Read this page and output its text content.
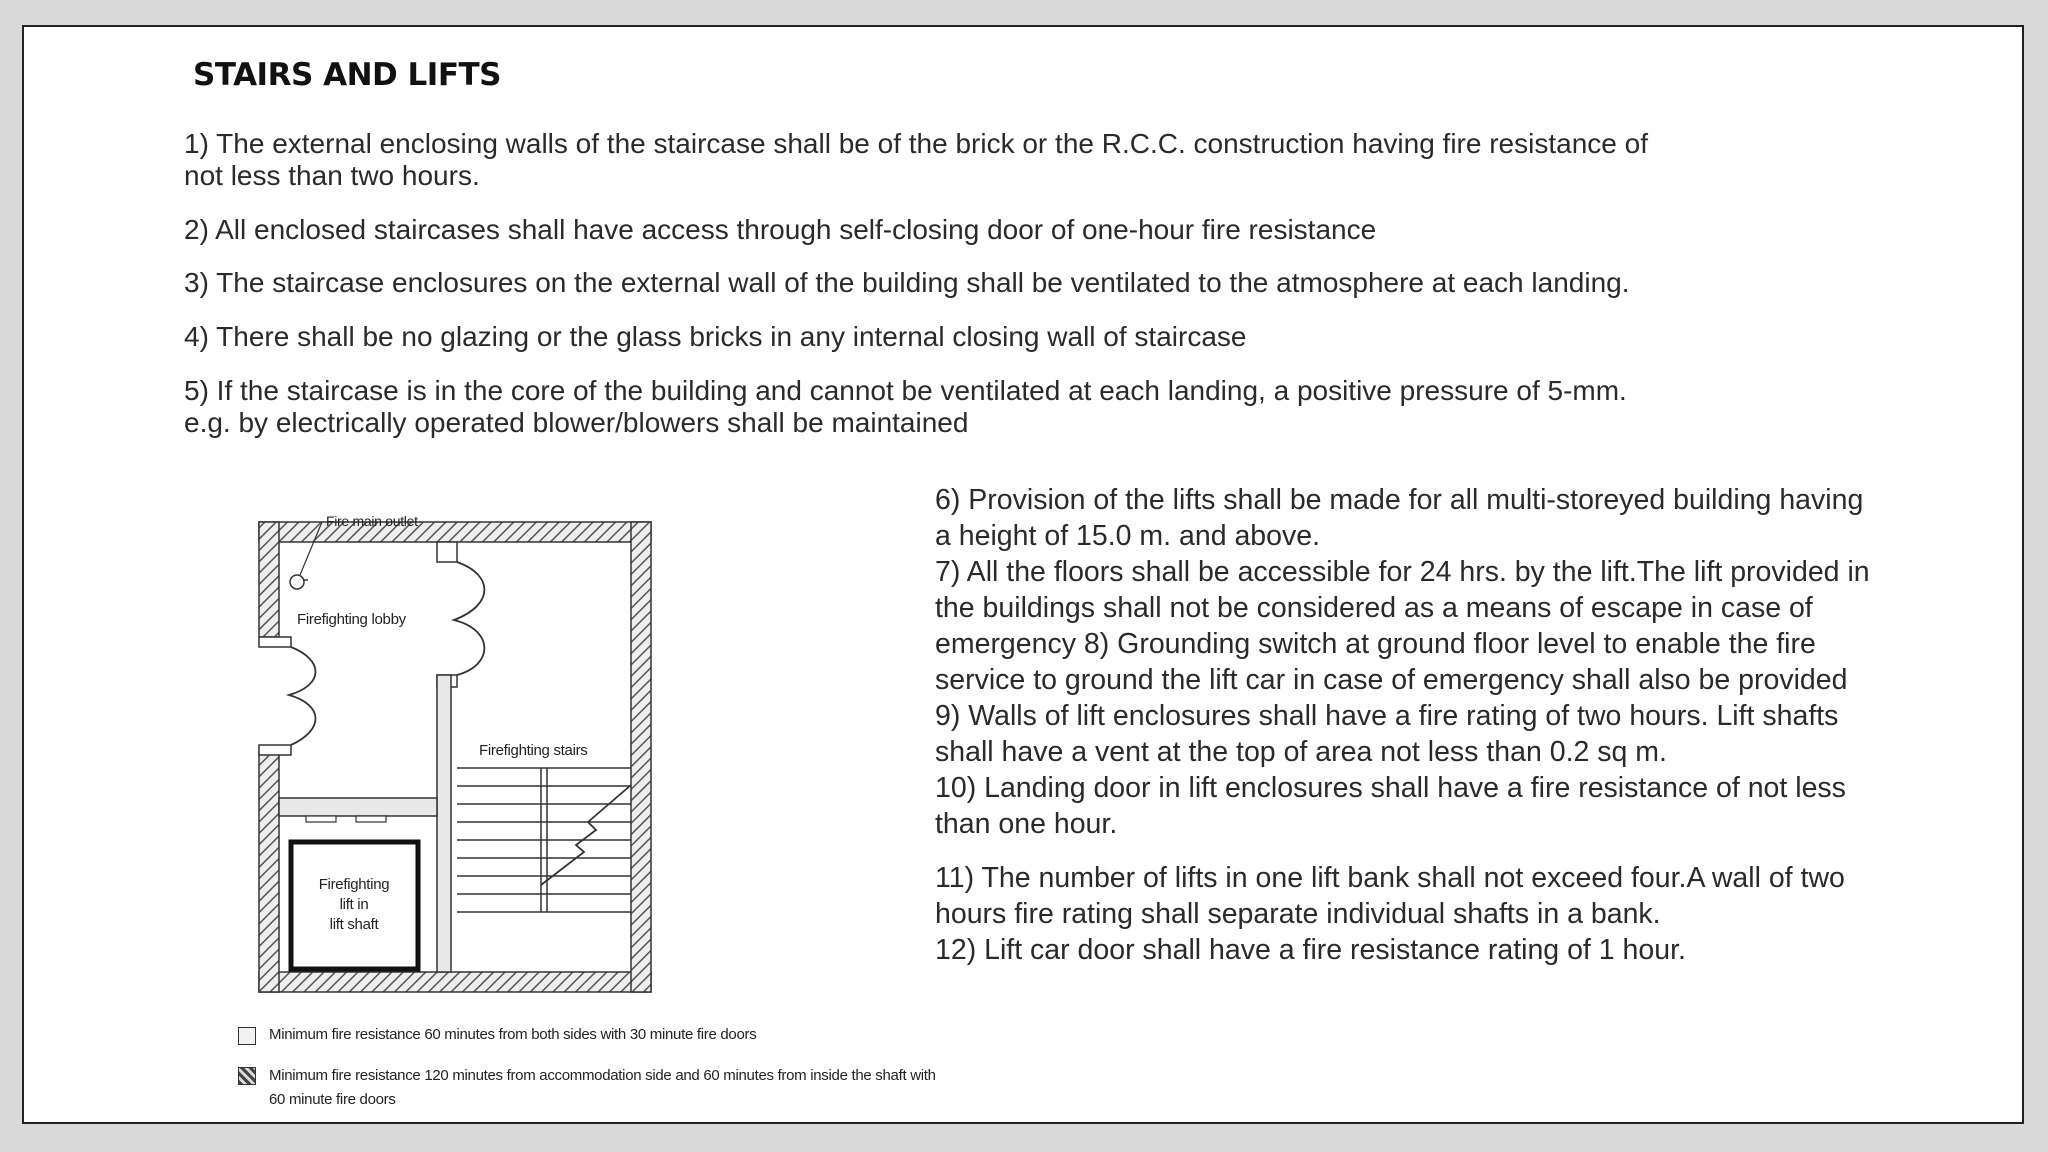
STAIRS AND LIFTS
1) The external enclosing walls of the staircase shall be of the brick or the R.C.C. construction having fire resistance of
not less than two hours.
2) All enclosed staircases shall have access through self-closing door of one-hour fire resistance
3) The staircase enclosures on the external wall of the building shall be ventilated to the atmosphere at each landing.
4) There shall be no glazing or the glass bricks in any internal closing wall of staircase
5) If the staircase is in the core of the building and cannot be ventilated at each landing, a positive pressure of 5-mm.
e.g. by electrically operated blower/blowers shall be maintained
6) Provision of the lifts shall be made for all multi-storeyed building having
a height of 15.0 m. and above.
7) All the floors shall be accessible for 24 hrs. by the lift.The lift provided in
the buildings shall not be considered as a means of escape in case of
emergency 8) Grounding switch at ground floor level to enable the fire
service to ground the lift car in case of emergency shall also be provided
9) Walls of lift enclosures shall have a fire rating of two hours. Lift shafts
shall have a vent at the top of area not less than 0.2 sq m.
10) Landing door in lift enclosures shall have a fire resistance of not less
than one hour.
11) The number of lifts in one lift bank shall not exceed four.A wall of two
hours fire rating shall separate individual shafts in a bank.
12) Lift car door shall have a fire resistance rating of 1 hour.
Fire main outlet
Firefighting lobby
Firefighting stairs
Firefighting
lift in
lift shaft
Minimum fire resistance 60 minutes from both sides with 30 minute fire doors
Minimum fire resistance 120 minutes from accommodation side and 60 minutes from inside the shaft with
60 minute fire doors
